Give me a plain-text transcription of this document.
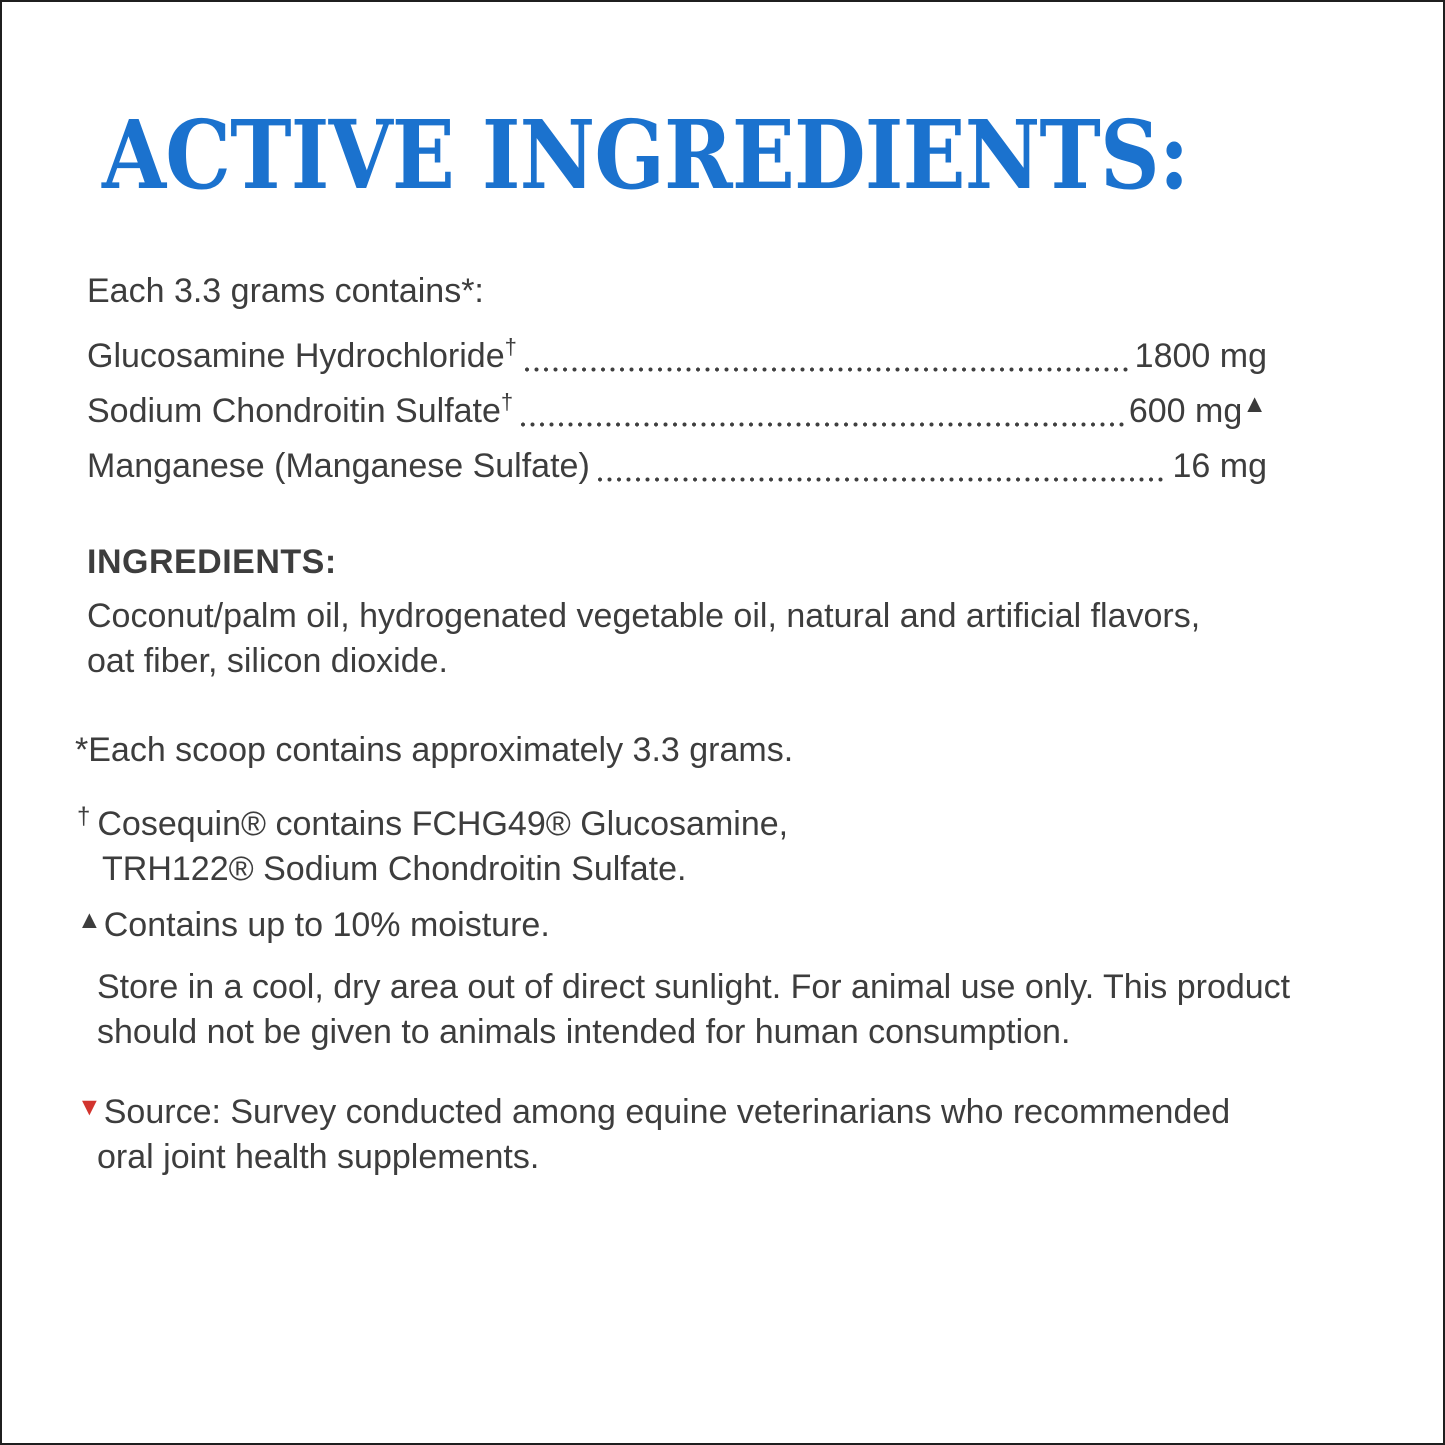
ACTIVE INGREDIENTS:
Each 3.3 grams contains*:
Glucosamine Hydrochloride†	1800 mg
Sodium Chondroitin Sulfate†	600 mg▲
Manganese (Manganese Sulfate)	16 mg
INGREDIENTS:
Coconut/palm oil, hydrogenated vegetable oil, natural and artificial flavors,
oat fiber, silicon dioxide.
*Each scoop contains approximately 3.3 grams.
† Cosequin® contains FCHG49® Glucosamine,
TRH122® Sodium Chondroitin Sulfate.
▲Contains up to 10% moisture.
Store in a cool, dry area out of direct sunlight. For animal use only. This product
should not be given to animals intended for human consumption.
▼Source: Survey conducted among equine veterinarians who recommended
oral joint health supplements.
